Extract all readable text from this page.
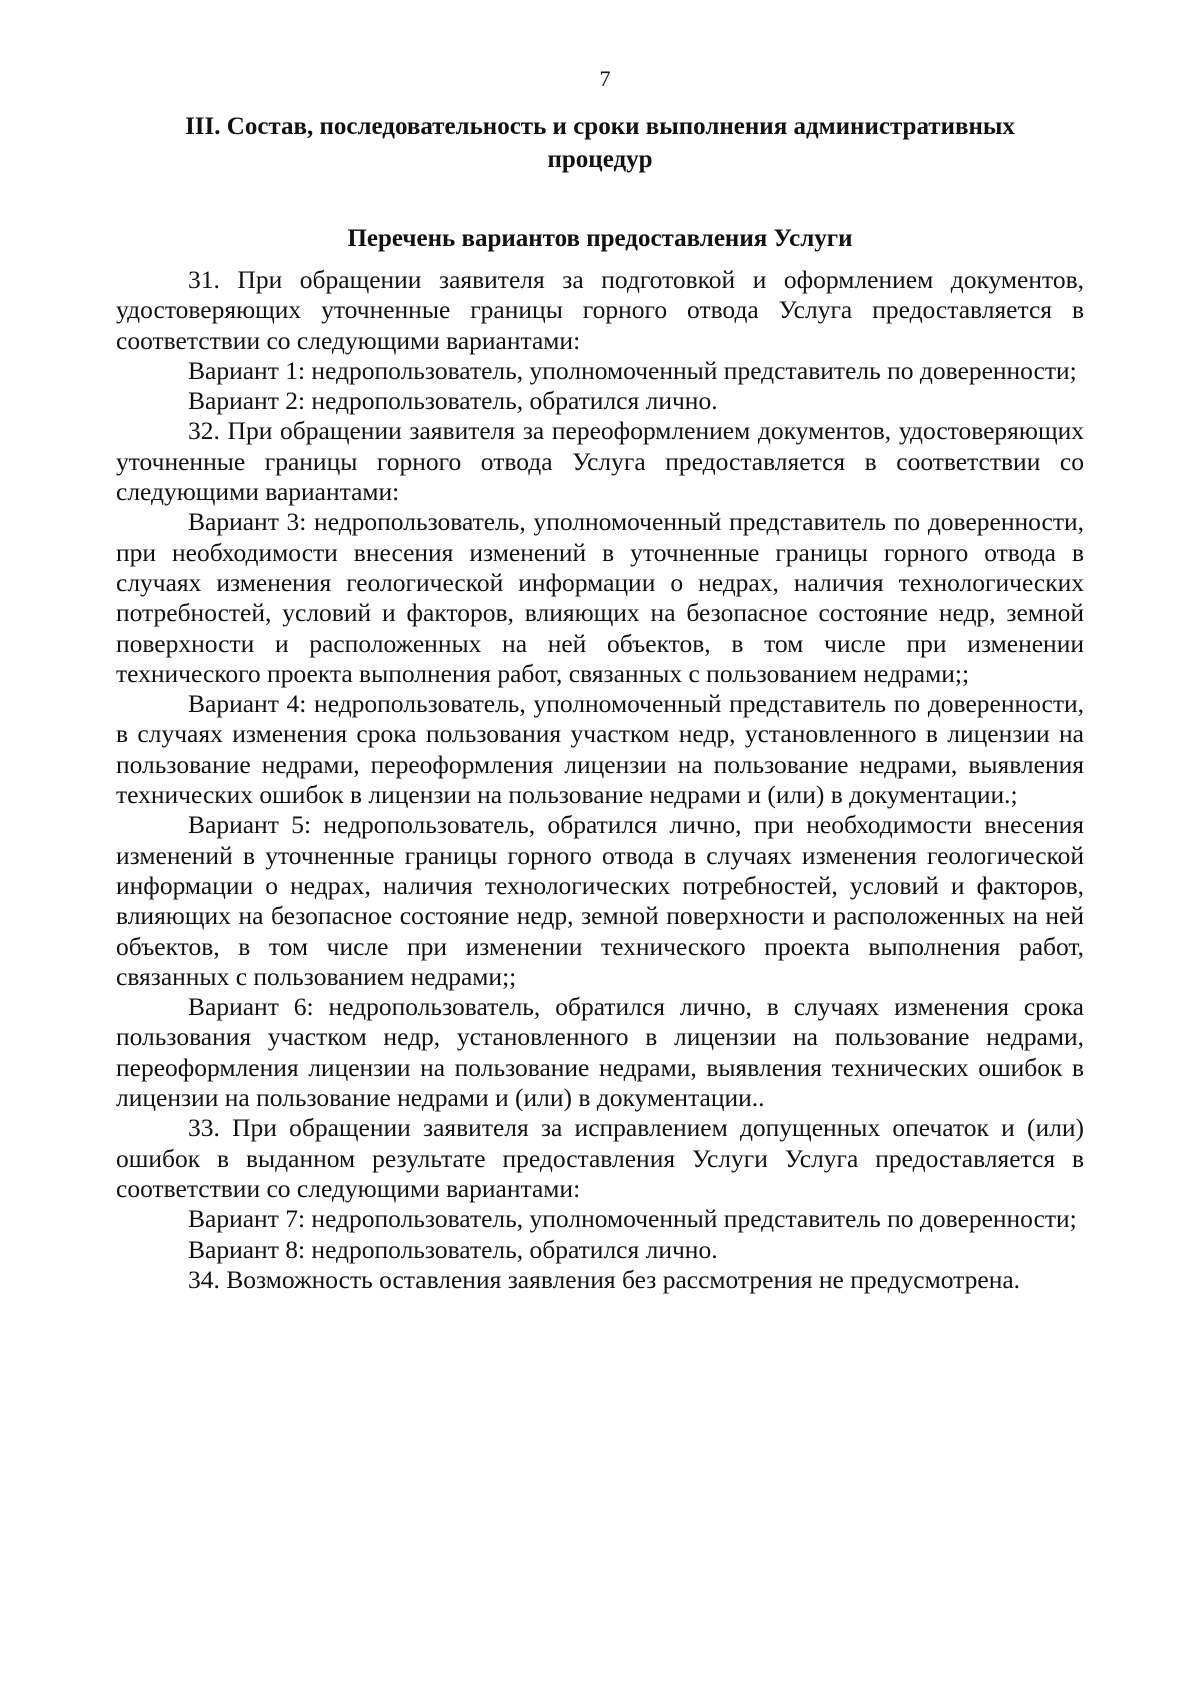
7
III. Состав, последовательность и сроки выполнения административных процедур
Перечень вариантов предоставления Услуги

31. При обращении заявителя за подготовкой и оформлением документов, удостоверяющих уточненные границы горного отвода Услуга предоставляется в соответствии со следующими вариантами:

Вариант 1: недропользователь, уполномоченный представитель по доверенности;

Вариант 2: недропользователь, обратился лично.

32. При обращении заявителя за переоформлением документов, удостоверяющих уточненные границы горного отвода Услуга предоставляется в соответствии со следующими вариантами:

Вариант 3: недропользователь, уполномоченный представитель по доверенности, при необходимости внесения изменений в уточненные границы горного отвода в случаях изменения геологической информации о недрах, наличия технологических потребностей, условий и факторов, влияющих на безопасное состояние недр, земной поверхности и расположенных на ней объектов, в том числе при изменении технического проекта выполнения работ, связанных с пользованием недрами;;

Вариант 4: недропользователь, уполномоченный представитель по доверенности, в случаях изменения срока пользования участком недр, установленного в лицензии на пользование недрами, переоформления лицензии на пользование недрами, выявления технических ошибок в лицензии на пользование недрами и (или) в документации.;

Вариант 5: недропользователь, обратился лично, при необходимости внесения изменений в уточненные границы горного отвода в случаях изменения геологической информации о недрах, наличия технологических потребностей, условий и факторов, влияющих на безопасное состояние недр, земной поверхности и расположенных на ней объектов, в том числе при изменении технического проекта выполнения работ, связанных с пользованием недрами;;

Вариант 6: недропользователь, обратился лично, в случаях изменения срока пользования участком недр, установленного в лицензии на пользование недрами, переоформления лицензии на пользование недрами, выявления технических ошибок в лицензии на пользование недрами и (или) в документации..

33. При обращении заявителя за исправлением допущенных опечаток и (или) ошибок в выданном результате предоставления Услуги Услуга предоставляется в соответствии со следующими вариантами:

Вариант 7: недропользователь, уполномоченный представитель по доверенности;

Вариант 8: недропользователь, обратился лично.

34. Возможность оставления заявления без рассмотрения не предусмотрена.
